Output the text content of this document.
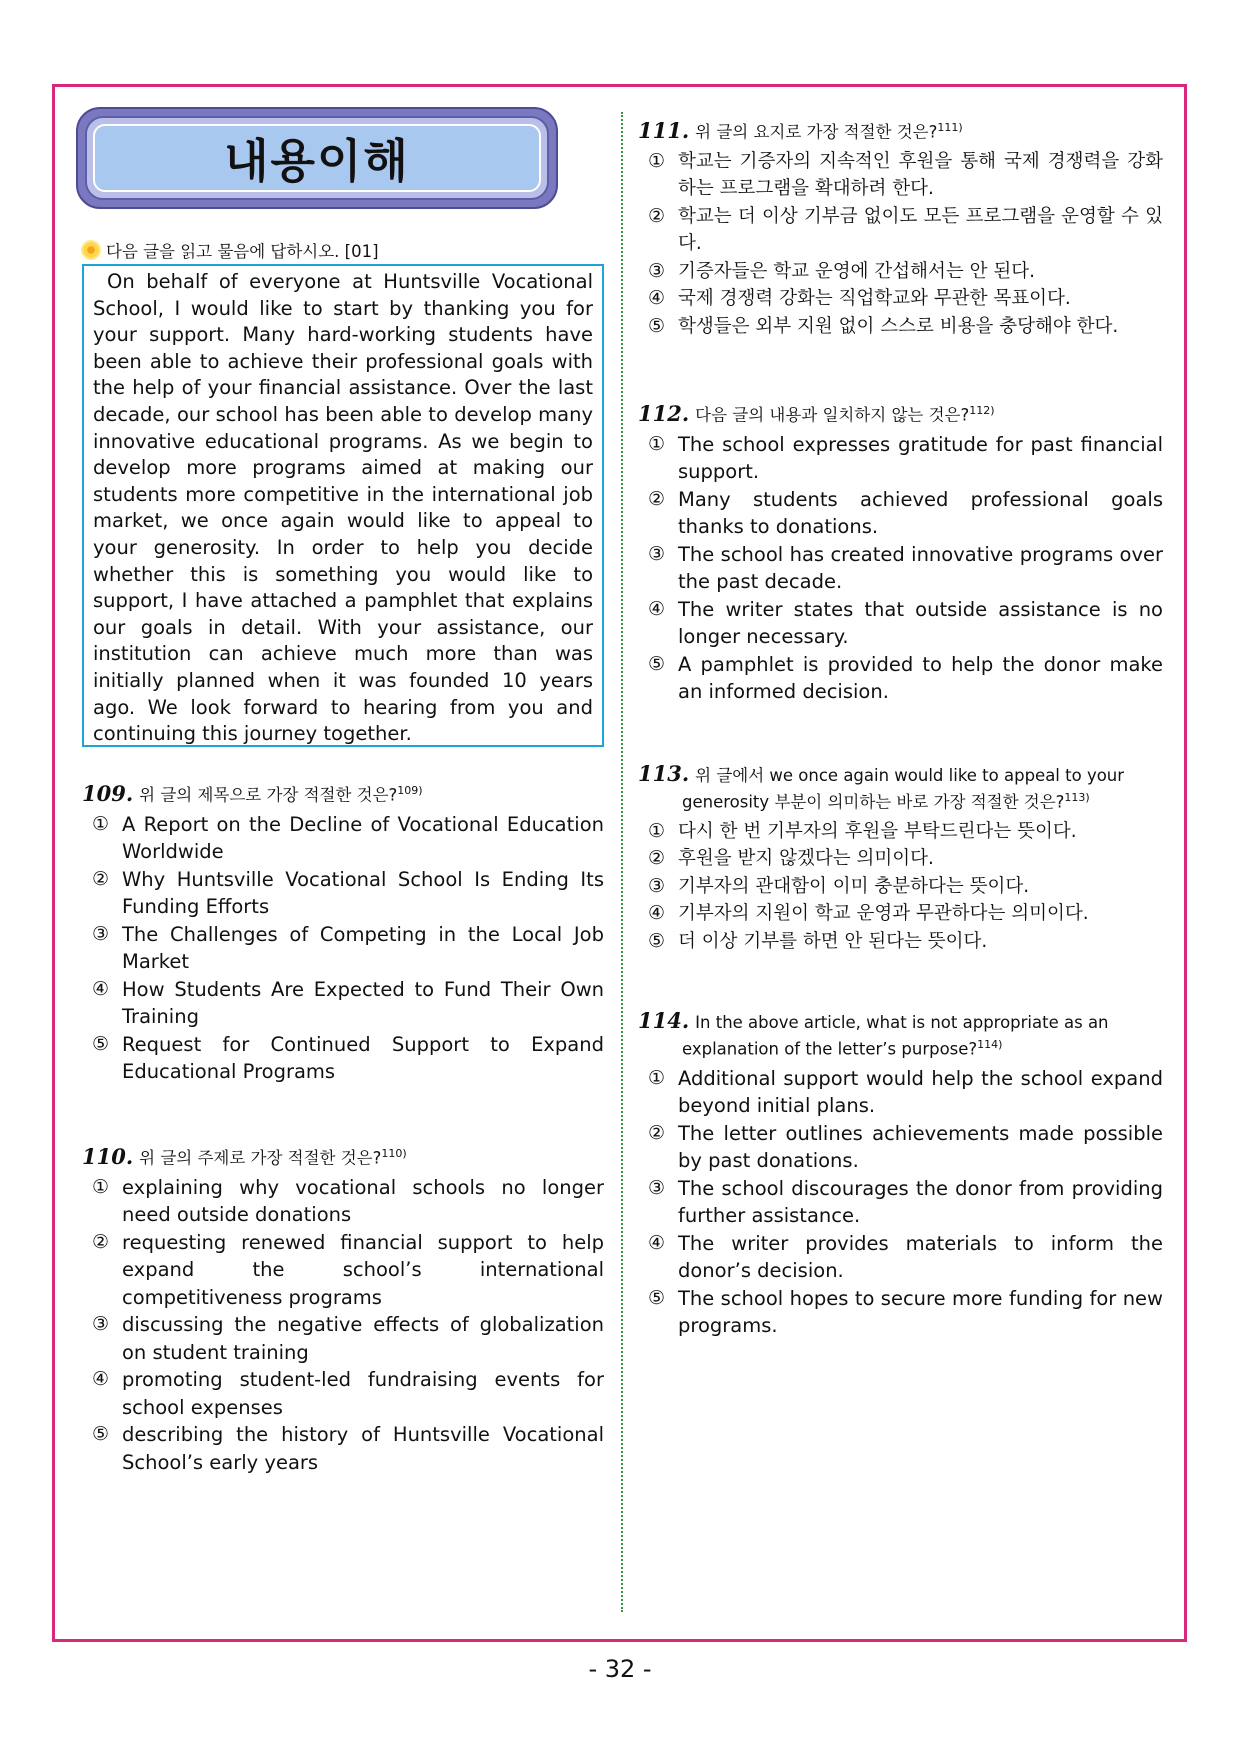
내용이해
다음 글을 읽고 물음에 답하시오. [01]
On behalf of everyone at Huntsville Vocational School, I would like to start by thanking you for your support. Many hard-working students have been able to achieve their professional goals with the help of your financial assistance. Over the last decade, our school has been able to develop many innovative educational programs. As we begin to develop more programs aimed at making our students more competitive in the international job market, we once again would like to appeal to your generosity. In order to help you decide whether this is something you would like to support, I have attached a pamphlet that explains our goals in detail. With your assistance, our institution can achieve much more than was initially planned when it was founded 10 years ago. We look forward to hearing from you and continuing this journey together.
109. 위 글의 제목으로 가장 적절한 것은?$^{109)}$
① A Report on the Decline of Vocational Education Worldwide
② Why Huntsville Vocational School Is Ending Its Funding Efforts
③ The Challenges of Competing in the Local Job Market
④ How Students Are Expected to Fund Their Own Training
⑤ Request for Continued Support to Expand Educational Programs
110. 위 글의 주제로 가장 적절한 것은?$^{110)}$
① explaining why vocational schools no longer need outside donations
② requesting renewed financial support to help expand the school’s international competitiveness programs
③ discussing the negative effects of globalization on student training
④ promoting student-led fundraising events for school expenses
⑤ describing the history of Huntsville Vocational School’s early years
111. 위 글의 요지로 가장 적절한 것은?$^{111)}$
① 학교는 기증자의 지속적인 후원을 통해 국제 경쟁력을 강화하는 프로그램을 확대하려 한다.
② 학교는 더 이상 기부금 없이도 모든 프로그램을 운영할 수 있다.
③ 기증자들은 학교 운영에 간섭해서는 안 된다.
④ 국제 경쟁력 강화는 직업학교와 무관한 목표이다.
⑤ 학생들은 외부 지원 없이 스스로 비용을 충당해야 한다.
112. 다음 글의 내용과 일치하지 않는 것은?$^{112)}$
① The school expresses gratitude for past financial support.
② Many students achieved professional goals thanks to donations.
③ The school has created innovative programs over the past decade.
④ The writer states that outside assistance is no longer necessary.
⑤ A pamphlet is provided to help the donor make an informed decision.
113. 위 글에서 we once again would like to appeal to your
generosity 부분이 의미하는 바로 가장 적절한 것은?$^{113)}$
① 다시 한 번 기부자의 후원을 부탁드린다는 뜻이다.
② 후원을 받지 않겠다는 의미이다.
③ 기부자의 관대함이 이미 충분하다는 뜻이다.
④ 기부자의 지원이 학교 운영과 무관하다는 의미이다.
⑤ 더 이상 기부를 하면 안 된다는 뜻이다.
114. In the above article, what is not appropriate as an
explanation of the letter’s purpose?$^{114)}$
① Additional support would help the school expand beyond initial plans.
② The letter outlines achievements made possible by past donations.
③ The school discourages the donor from providing further assistance.
④ The writer provides materials to inform the donor’s decision.
⑤ The school hopes to secure more funding for new programs.
- 32 -
